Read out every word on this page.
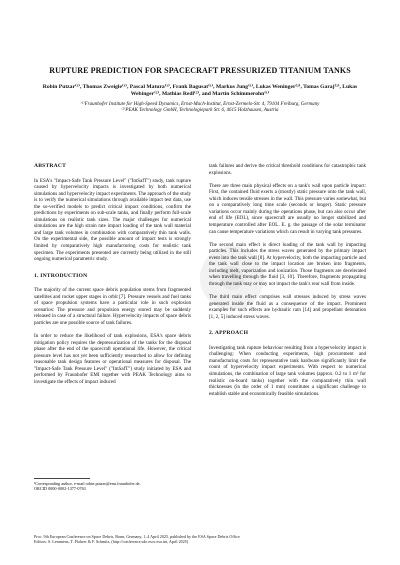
RUPTURE PREDICTION FOR SPACECRAFT PRESSURIZED TITANIUM TANKS
Robin Putzar⁽¹⁾, Thomas Zweigle⁽¹⁾, Pascal Matura⁽¹⁾, Frank Bagusat⁽¹⁾, Markus Jung⁽¹⁾, Lukas Weninger⁽²⁾, Tomas Garaj⁽²⁾, Lukas Webinger⁽²⁾, Mathias Redl⁽²⁾, and Martin Schimmerohn⁽¹⁾
⁽¹⁾Fraunhofer Institute for High-Speed Dynamics, Ernst-Mach-Institut, Ernst-Zermelo-Str. 4, 79104 Freiburg, Germany
⁽²⁾PEAK Technology GmbH, Technologiepark Str. 6, 4615 Holzhausen, Austria
ABSTRACT

In ESA's "Impact-Safe Tank Pressure Level" ("ImSafT") study, tank rupture caused by hypervelocity impacts is investigated by both numerical simulations and hypervelocity impact experiments. The approach of the study is to verify the numerical simulations through available impact test data, use the so-verified models to predict critical impact conditions, confirm the predictions by experiments on sub-scale tanks, and finally perform full-scale simulations on realistic tank sizes. The major challenges for numerical simulations are the high strain rate impact loading of the tank wall material and large tank volumes in combination with comparatively thin tank walls. On the experimental side, the possible amount of impact tests is strongly limited by comparatively high manufacturing costs for realistic tank specimen. The experiments presented are currently being utilized in the still ongoing numerical parametric study.

1. INTRODUCTION

The majority of the current space debris population stems from fragmented satellites and rocket upper stages in orbit [7]. Pressure vessels and fuel tanks of space propulsion systems have a particular role in such explosion scenarios: The pressure and propulsion energy stored may be suddenly released in case of a structural failure. Hypervelocity impacts of space debris particles are one possible source of tank failures.

In order to reduce the likelihood of tank explosions, ESA's space debris mitigation policy requires the depressurization of the tanks for the disposal phase after the end of the spacecraft operational life. However, the critical pressure level has not yet been sufficiently researched to allow for defining reasonable tank design features or operational measures for disposal. The "Impact-Safe Tank Pressure Level" ("ImSafT") study initiated by ESA and performed by Fraunhofer EMI together with PEAK Technology aims to investigate the effects of impact induced

¹Corresponding author, e-mail robin.putzar@emi.fraunhofer.de,
ORCID 0000-0002-1377-0763

tank failures and derive the critical threshold conditions for catastrophic tank explosions.

There are three main physical effects on a tank's wall upon particle impact: First, the contained fluid exerts a (mostly) static pressure onto the tank wall, which induces tensile stresses in the wall. This pressure varies somewhat, but on a comparatively long time scale (seconds or longer). Static pressure variations occur mainly during the operations phase, but can also occur after end of life (EOL), since spacecraft are usually no longer stabilized and temperature controlled after EOL. E. g. the passage of the solar terminator can cause temperature variations which can result in varying tank pressures.

The second main effect is direct loading of the tank wall by impacting particles. This includes the stress waves generated by the primary impact event into the tank wall [8]. At hypervelocity, both the impacting particle and the tank wall close to the impact location are broken into fragments, including melt, vaporization and ionization. Those fragments are decelerated when travelling through the fluid [3, 10]. Therefore, fragments propagating through the tank may or may not impact the tank's rear wall from inside.

The third main effect comprises wall stresses induced by stress waves generated inside the fluid as a consequence of the impact. Prominent examples for such effects are hydraulic ram [14] and propellant detonation [1, 2, 5] induced stress waves.

2. APPROACH

Investigating tank rupture behaviour resulting from a hypervelocity impact is challenging: When conducting experiments, high procurement and manufacturing costs for representative tank hardware significantly limit the count of hypervelocity impact experiments. With respect to numerical simulations, the combination of large tank volumes (approx. 0.2 to 1 m³ for realistic on-board tanks) together with the comparatively thin wall thicknesses (in the order of 1 mm) constitutes a significant challenge to establish stable and economically feasible simulations.

Proc. 9th European Conference on Space Debris, Bonn, Germany, 1–4 April 2025, published by the ESA Space Debris Office
Editors: S. Lemmens, T. Flohrer & F. Schmitz, (http://conference.sdo.esoc.esa.int, April 2025)
